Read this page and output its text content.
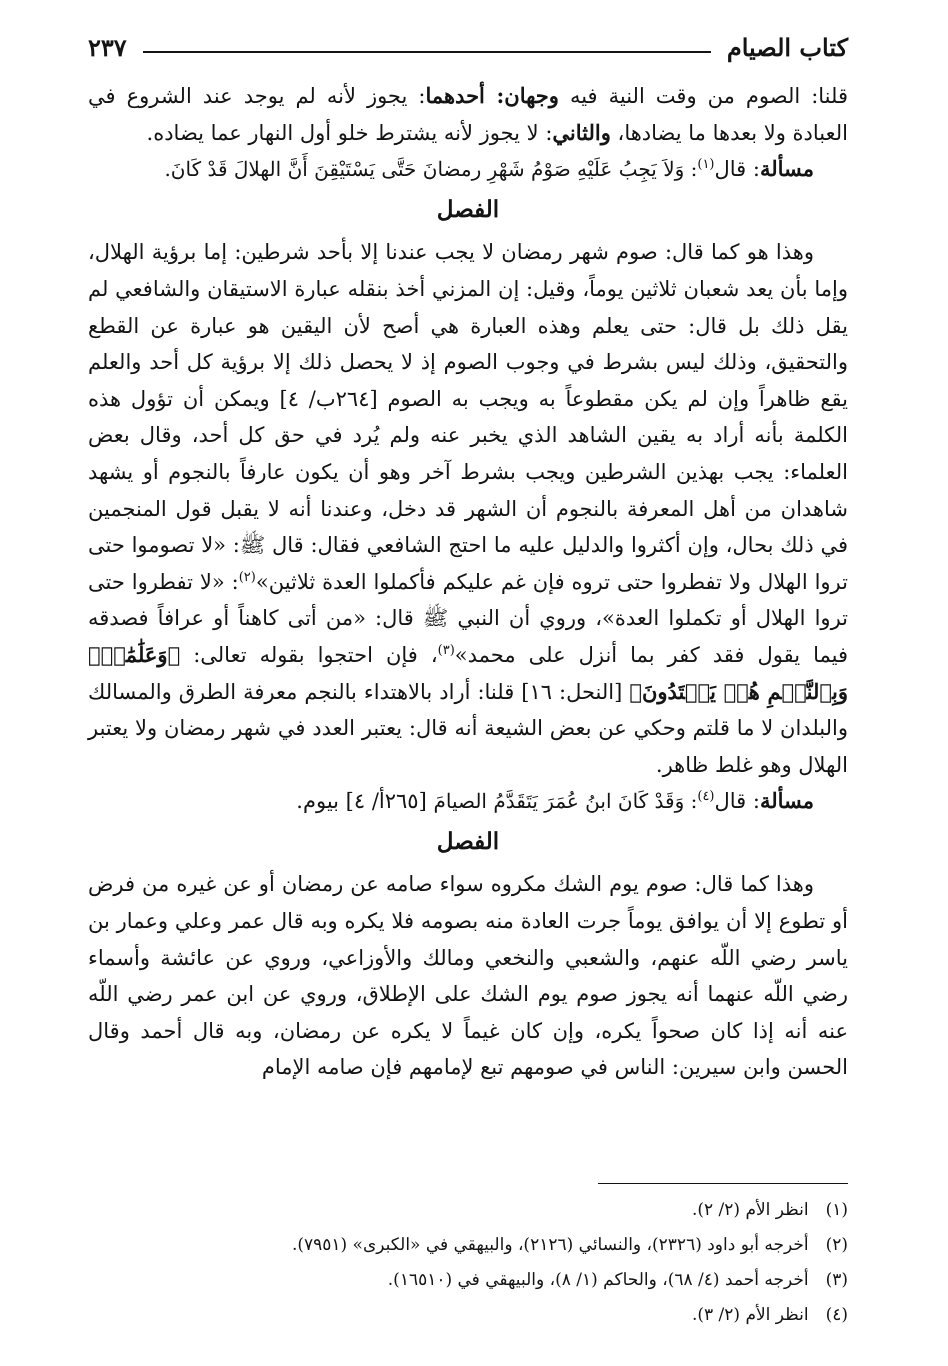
كتاب الصيام
٢٣٧

قلنا: الصوم من وقت النية فيه وجهان: أحدهما: يجوز لأنه لم يوجد عند الشروع في العبادة ولا بعدها ما يضادها، والثاني: لا يجوز لأنه يشترط خلو أول النهار عما يضاده.

مسألة: قال$^{(١)}$: وَلاَ يَجِبُ عَلَيْهِ صَوْمُ شَهْرِ رمضانَ حَتَّى يَسْتَيْقِنَ أَنَّ الهلالَ قَدْ كَانَ.

الفصل

وهذا هو كما قال: صوم شهر رمضان لا يجب عندنا إلا بأحد شرطين: إما برؤية الهلال، وإما بأن يعد شعبان ثلاثين يوماً، وقيل: إن المزني أخذ بنقله عبارة الاستيقان والشافعي لم يقل ذلك بل قال: حتى يعلم وهذه العبارة هي أصح لأن اليقين هو عبارة عن القطع والتحقيق، وذلك ليس بشرط في وجوب الصوم إذ لا يحصل ذلك إلا برؤية كل أحد والعلم يقع ظاهراً وإن لم يكن مقطوعاً به ويجب به الصوم [٢٦٤ب/ ٤] ويمكن أن تؤول هذه الكلمة بأنه أراد به يقين الشاهد الذي يخبر عنه ولم يُرد في حق كل أحد، وقال بعض العلماء: يجب بهذين الشرطين ويجب بشرط آخر وهو أن يكون عارفاً بالنجوم أو يشهد شاهدان من أهل المعرفة بالنجوم أن الشهر قد دخل، وعندنا أنه لا يقبل قول المنجمين في ذلك بحال، وإن أكثروا والدليل عليه ما احتج الشافعي فقال: قال ﷺ: «لا تصوموا حتى تروا الهلال ولا تفطروا حتى تروه فإن غم عليكم فأكملوا العدة ثلاثين»$^{(٢)}$: «لا تفطروا حتى تروا الهلال أو تكملوا العدة»، وروي أن النبي ﷺ قال: «من أتى كاهناً أو عرافاً فصدقه فيما يقول فقد كفر بما أنزل على محمد»$^{(٣)}$، فإن احتجوا بقوله تعالى: ﴿وَعَلَٰمَٰتٍۚ وَبِٱلنَّجۡمِ هُمۡ يَهۡتَدُونَ﴾ [النحل: ١٦] قلنا: أراد بالاهتداء بالنجم معرفة الطرق والمسالك والبلدان لا ما قلتم وحكي عن بعض الشيعة أنه قال: يعتبر العدد في شهر رمضان ولا يعتبر الهلال وهو غلط ظاهر.

مسألة: قال$^{(٤)}$: وَقَدْ كَانَ ابنُ عُمَرَ يَتَقَدَّمُ الصيامَ [٢٦٥أ/ ٤] بيوم.

الفصل

وهذا كما قال: صوم يوم الشك مكروه سواء صامه عن رمضان أو عن غيره من فرض أو تطوع إلا أن يوافق يوماً جرت العادة منه بصومه فلا يكره وبه قال عمر وعلي وعمار بن ياسر رضي اللّه عنهم، والشعبي والنخعي ومالك والأوزاعي، وروي عن عائشة وأسماء رضي اللّه عنهما أنه يجوز صوم يوم الشك على الإطلاق، وروي عن ابن عمر رضي اللّه عنه أنه إذا كان صحواً يكره، وإن كان غيماً لا يكره عن رمضان، وبه قال أحمد وقال الحسن وابن سيرين: الناس في صومهم تبع لإمامهم فإن صامه الإمام

(١) انظر الأم (٢/ ٢).
(٢) أخرجه أبو داود (٢٣٢٦)، والنسائي (٢١٢٦)، والبيهقي في «الكبرى» (٧٩٥١).
(٣) أخرجه أحمد (٤/ ٦٨)، والحاكم (١/ ٨)، والبيهقي في (١٦٥١٠).
(٤) انظر الأم (٢/ ٣).
